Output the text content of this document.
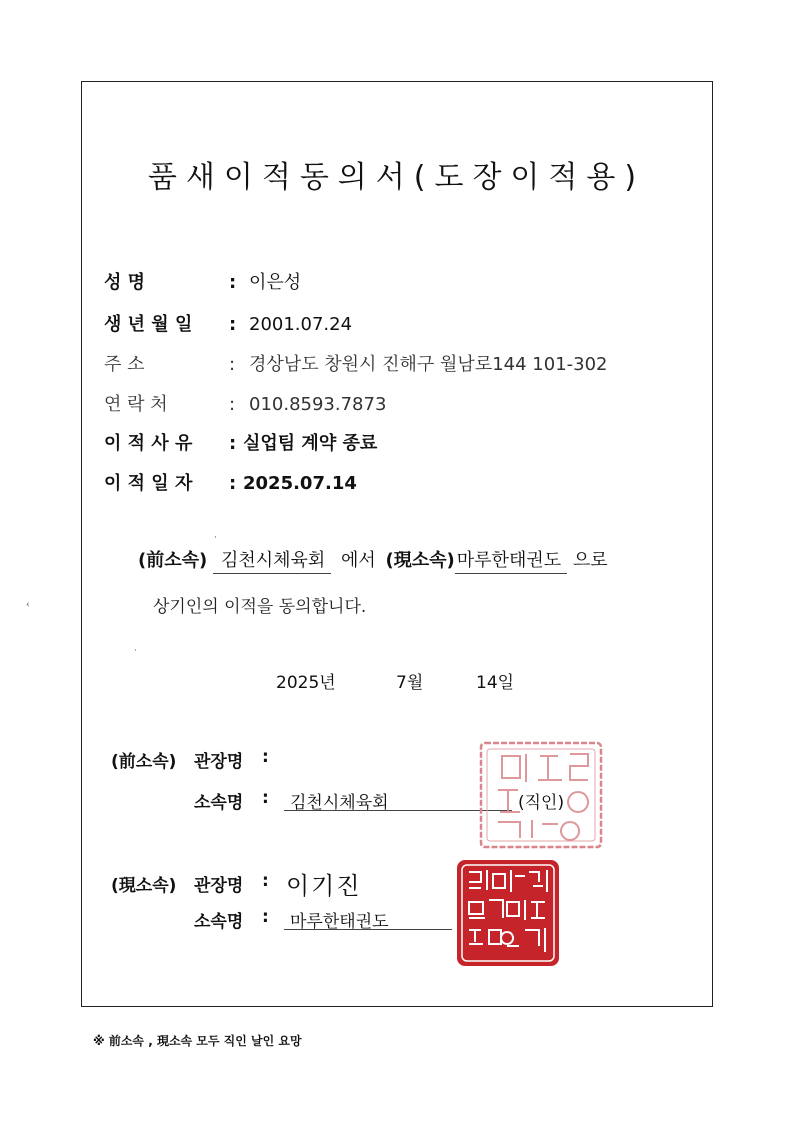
품새이적동의서(도장이적용)
성 명	: 이은성
생 년 월 일 : 2001.07.24
주 소	: 경상남도 창원시 진해구 월남로144 101-302
연 락 처	: 010.8593.7873
이 적 사 유 : 실업팀 계약 종료
이 적 일 자 : 2025.07.14
(前소속) 김천시체육회 에서 (現소속) 마루한태권도 으로
상기인의 이적을 동의합니다.
2025년	7월	14일
(前소속) 관장명 :
소속명 : 김천시체육회	(직인)
(現소속) 관장명 : 이기진
소속명 : 마루한태권도
※ 前소속 , 現소속 모두 직인 날인 요망
‹
·
·
